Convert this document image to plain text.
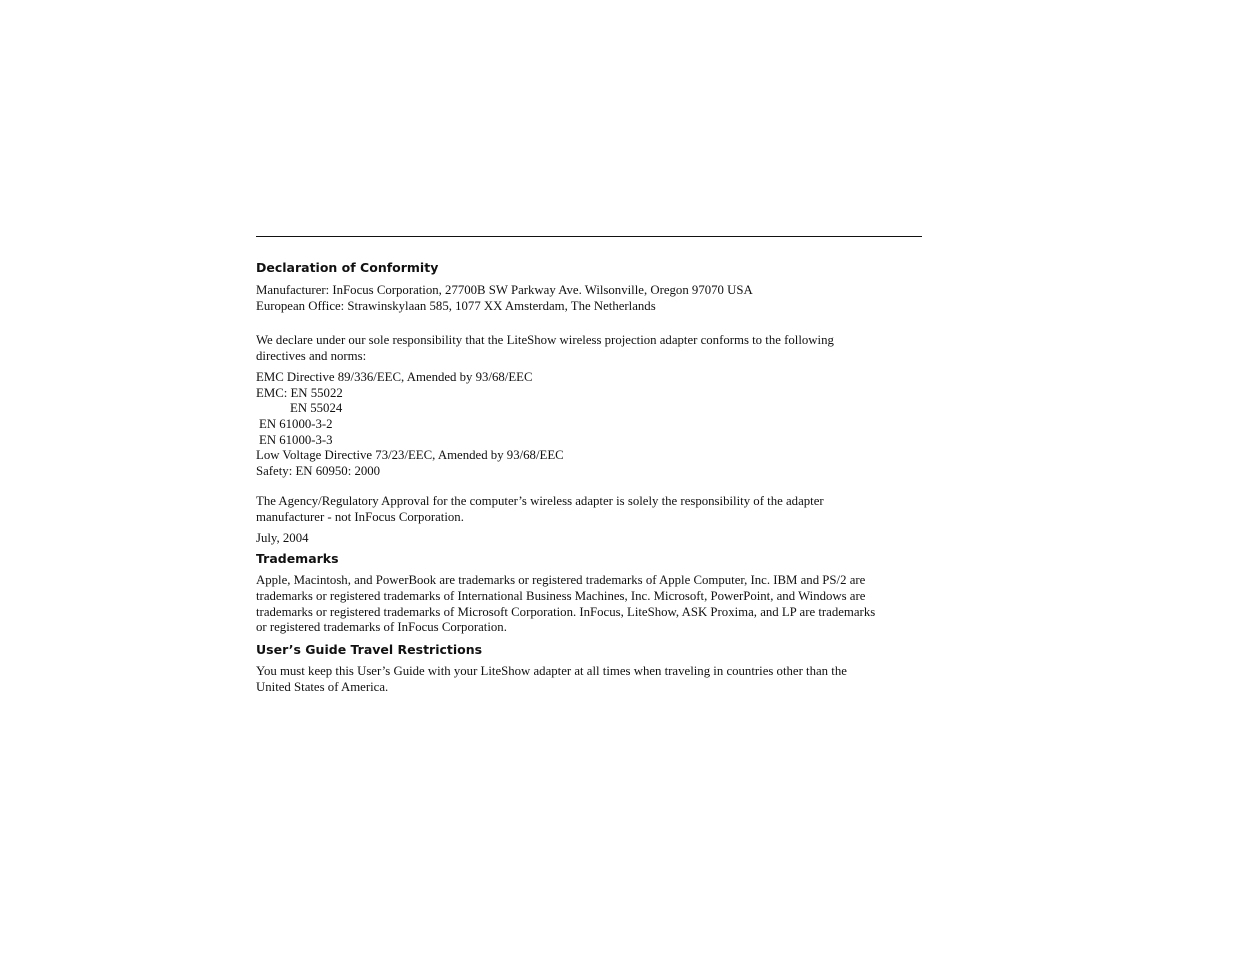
Declaration of Conformity
Manufacturer: InFocus Corporation, 27700B SW Parkway Ave. Wilsonville, Oregon 97070 USA
European Office: Strawinskylaan 585, 1077 XX Amsterdam, The Netherlands
We declare under our sole responsibility that the LiteShow wireless projection adapter conforms to the following
directives and norms:
EMC Directive 89/336/EEC, Amended by 93/68/EEC
EMC: EN 55022
EN 55024
EN 61000-3-2
EN 61000-3-3
Low Voltage Directive 73/23/EEC, Amended by 93/68/EEC
Safety: EN 60950: 2000
The Agency/Regulatory Approval for the computer’s wireless adapter is solely the responsibility of the adapter
manufacturer - not InFocus Corporation.
July, 2004
Trademarks
Apple, Macintosh, and PowerBook are trademarks or registered trademarks of Apple Computer, Inc. IBM and PS/2 are
trademarks or registered trademarks of International Business Machines, Inc. Microsoft, PowerPoint, and Windows are
trademarks or registered trademarks of Microsoft Corporation. InFocus, LiteShow, ASK Proxima, and LP are trademarks
or registered trademarks of InFocus Corporation.
User’s Guide Travel Restrictions
You must keep this User’s Guide with your LiteShow adapter at all times when traveling in countries other than the
United States of America.
